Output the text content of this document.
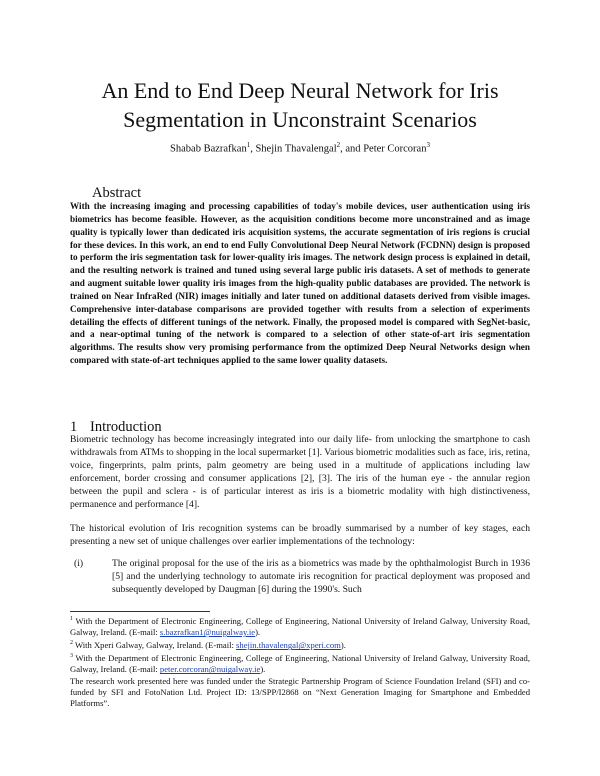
An End to End Deep Neural Network for Iris
Segmentation in Unconstraint Scenarios
Shabab Bazrafkan$^1$, Shejin Thavalengal$^2$, and Peter Corcoran$^3$
Abstract
With the increasing imaging and processing capabilities of today's mobile devices, user authentication using iris biometrics has become feasible. However, as the acquisition conditions become more unconstrained and as image quality is typically lower than dedicated iris acquisition systems, the accurate segmentation of iris regions is crucial for these devices. In this work, an end to end Fully Convolutional Deep Neural Network (FCDNN) design is proposed to perform the iris segmentation task for lower-quality iris images. The network design process is explained in detail, and the resulting network is trained and tuned using several large public iris datasets. A set of methods to generate and augment suitable lower quality iris images from the high-quality public databases are provided. The network is trained on Near InfraRed (NIR) images initially and later tuned on additional datasets derived from visible images. Comprehensive inter-database comparisons are provided together with results from a selection of experiments detailing the effects of different tunings of the network. Finally, the proposed model is compared with SegNet-basic, and a near-optimal tuning of the network is compared to a selection of other state-of-art iris segmentation algorithms. The results show very promising performance from the optimized Deep Neural Networks design when compared with state-of-art techniques applied to the same lower quality datasets.
1 Introduction
Biometric technology has become increasingly integrated into our daily life- from unlocking the smartphone to cash withdrawals from ATMs to shopping in the local supermarket [1]. Various biometric modalities such as face, iris, retina, voice, fingerprints, palm prints, palm geometry are being used in a multitude of applications including law enforcement, border crossing and consumer applications [2], [3]. The iris of the human eye - the annular region between the pupil and sclera - is of particular interest as iris is a biometric modality with high distinctiveness, permanence and performance [4].
The historical evolution of Iris recognition systems can be broadly summarised by a number of key stages, each presenting a new set of unique challenges over earlier implementations of the technology:
(i)	The original proposal for the use of the iris as a biometrics was made by the ophthalmologist Burch in 1936 [5] and the underlying technology to automate iris recognition for practical deployment was proposed and subsequently developed by Daugman [6] during the 1990's. Such
$^1$ With the Department of Electronic Engineering, College of Engineering, National University of Ireland Galway, University Road, Galway, Ireland. (E-mail: s.bazrafkan1@nuigalway.ie).
$^2$ With Xperi Galway, Galway, Ireland. (E-mail: shejin.thavalengal@xperi.com).
$^3$ With the Department of Electronic Engineering, College of Engineering, National University of Ireland Galway, University Road, Galway, Ireland. (E-mail: peter.corcoran@nuigalway.ie).
The research work presented here was funded under the Strategic Partnership Program of Science Foundation Ireland (SFI) and co-funded by SFI and FotoNation Ltd. Project ID: 13/SPP/I2868 on “Next Generation Imaging for Smartphone and Embedded Platforms”.
